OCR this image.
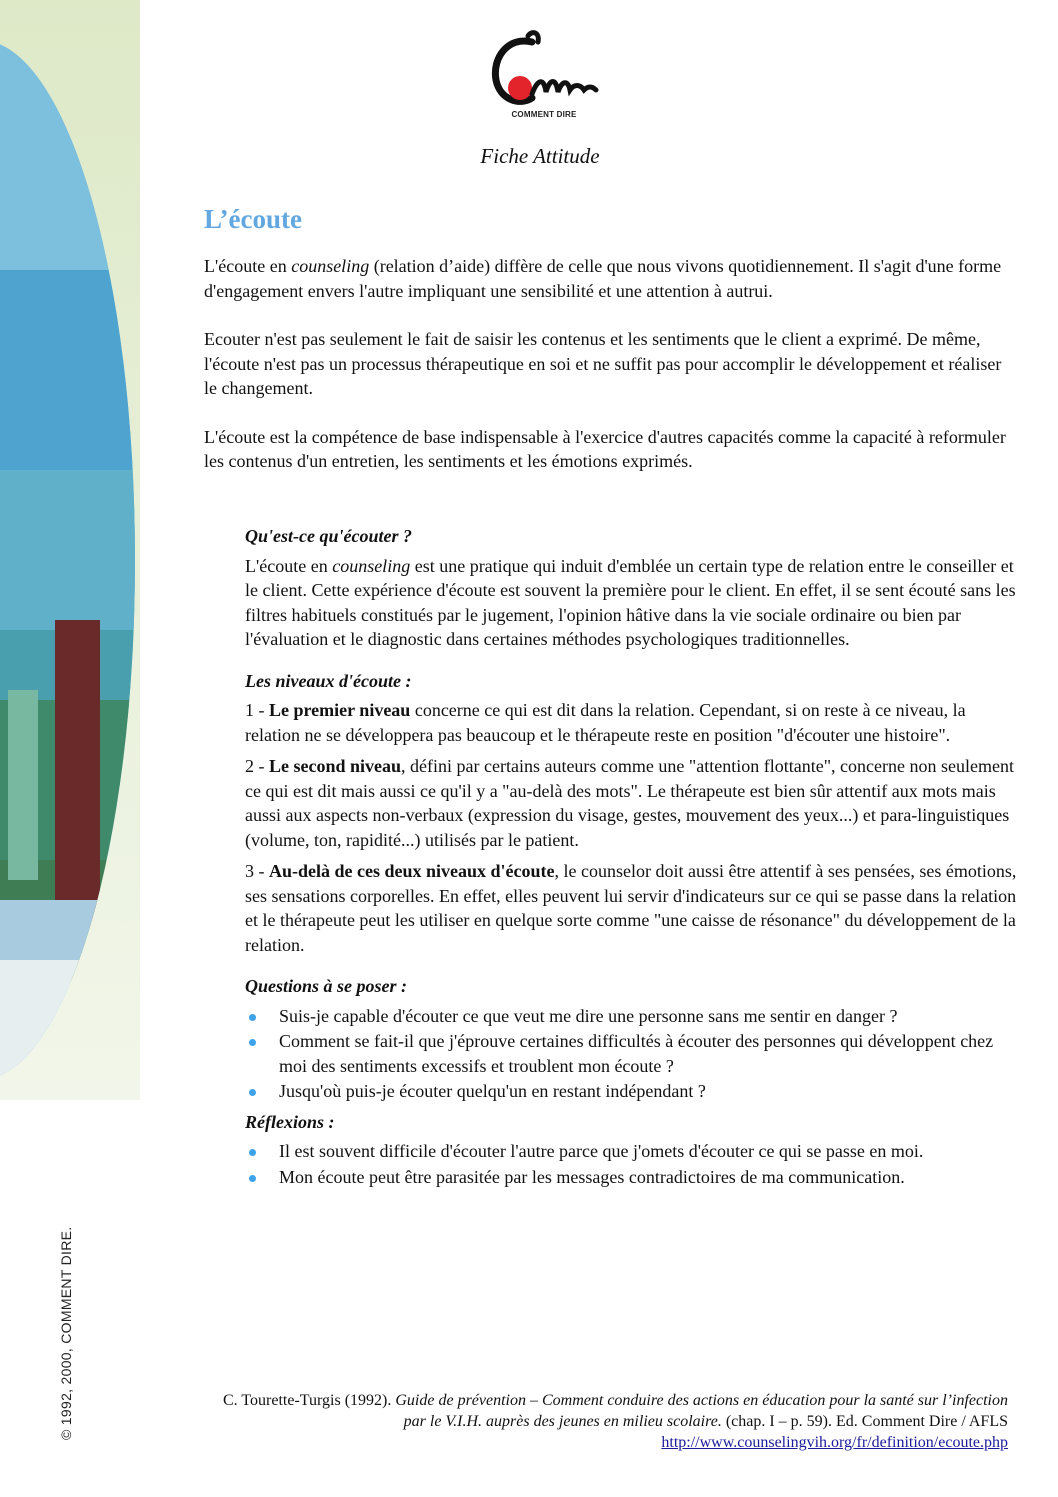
© 1992, 2000, COMMENT DIRE.
COMMENT DIRE
Fiche Attitude
L’écoute

L'écoute en counseling (relation d’aide) diffère de celle que nous vivons quotidiennement. Il s'agit d'une forme d'engagement envers l'autre impliquant une sensibilité et une attention à autrui.

Ecouter n'est pas seulement le fait de saisir les contenus et les sentiments que le client a exprimé. De même, l'écoute n'est pas un processus thérapeutique en soi et ne suffit pas pour accomplir le développement et réaliser le changement.

L'écoute est la compétence de base indispensable à l'exercice d'autres capacités comme la capacité à reformuler les contenus d'un entretien, les sentiments et les émotions exprimés.

Qu'est-ce qu'écouter ?

L'écoute en counseling est une pratique qui induit d'emblée un certain type de relation entre le conseiller et le client. Cette expérience d'écoute est souvent la première pour le client. En effet, il se sent écouté sans les filtres habituels constitués par le jugement, l'opinion hâtive dans la vie sociale ordinaire ou bien par l'évaluation et le diagnostic dans certaines méthodes psychologiques traditionnelles.

Les niveaux d'écoute :

1 - Le premier niveau concerne ce qui est dit dans la relation. Cependant, si on reste à ce niveau, la relation ne se développera pas beaucoup et le thérapeute reste en position "d'écouter une histoire".

2 - Le second niveau, défini par certains auteurs comme une "attention flottante", concerne non seulement ce qui est dit mais aussi ce qu'il y a "au-delà des mots". Le thérapeute est bien sûr attentif aux mots mais aussi aux aspects non-verbaux (expression du visage, gestes, mouvement des yeux...) et para-linguistiques (volume, ton, rapidité...) utilisés par le patient.

3 - Au-delà de ces deux niveaux d'écoute, le counselor doit aussi être attentif à ses pensées, ses émotions, ses sensations corporelles. En effet, elles peuvent lui servir d'indicateurs sur ce qui se passe dans la relation et le thérapeute peut les utiliser en quelque sorte comme "une caisse de résonance" du développement de la relation.

Questions à se poser :
Suis-je capable d'écouter ce que veut me dire une personne sans me sentir en danger ?
Comment se fait-il que j'éprouve certaines difficultés à écouter des personnes qui développent chez moi des sentiments excessifs et troublent mon écoute ?
Jusqu'où puis-je écouter quelqu'un en restant indépendant ?
Réflexions :
Il est souvent difficile d'écouter l'autre parce que j'omets d'écouter ce qui se passe en moi.
Mon écoute peut être parasitée par les messages contradictoires de ma communication.
C. Tourette-Turgis (1992). Guide de prévention – Comment conduire des actions en éducation pour la santé sur l’infection par le V.I.H. auprès des jeunes en milieu scolaire. (chap. I – p. 59). Ed. Comment Dire / AFLS
http://www.counselingvih.org/fr/definition/ecoute.php
